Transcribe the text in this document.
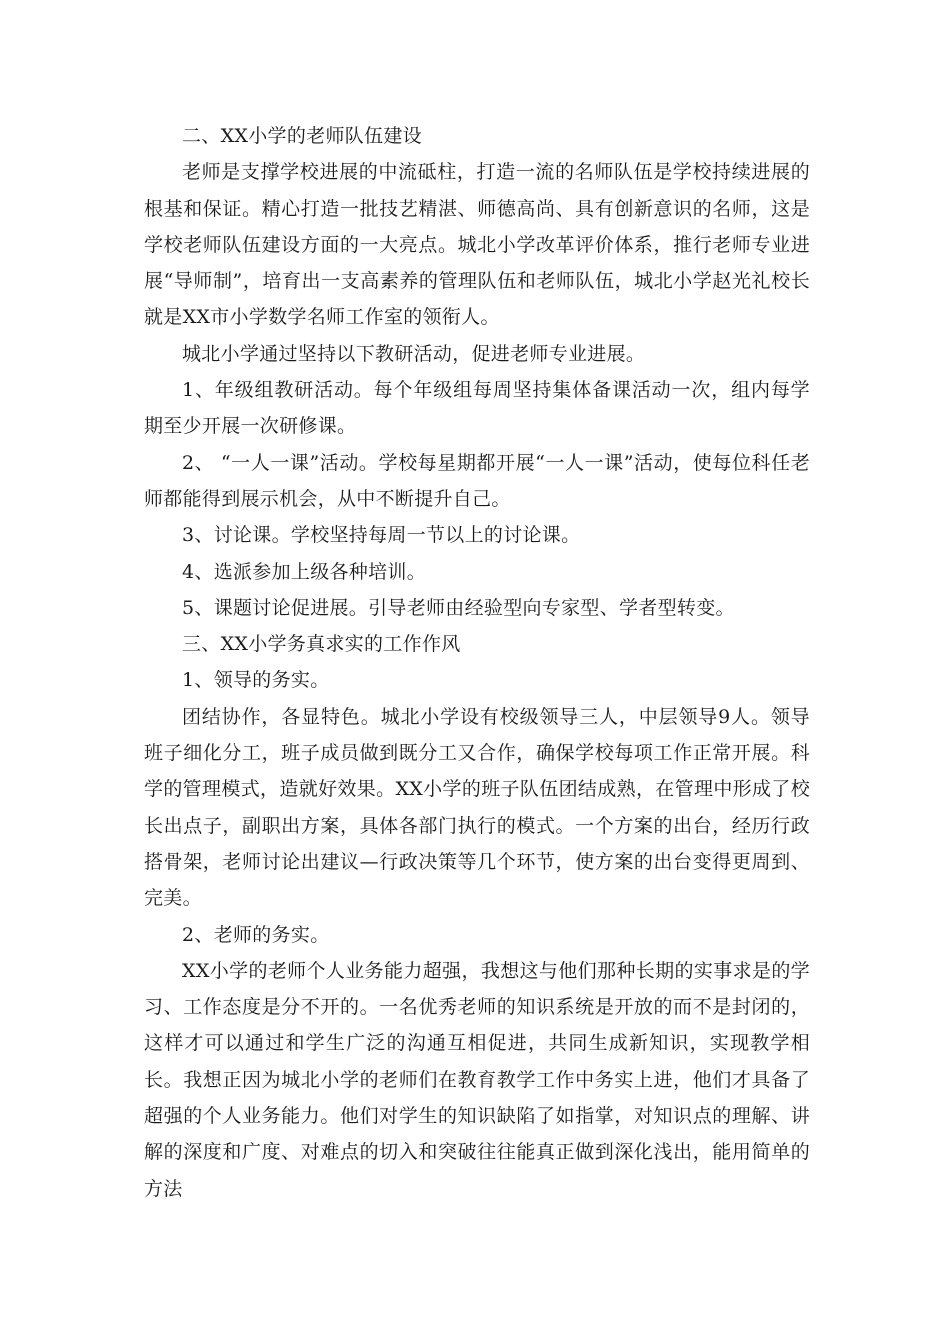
二、XX小学的老师队伍建设

老师是支撑学校进展的中流砥柱，打造一流的名师队伍是学校持续进展的根基和保证。精心打造一批技艺精湛、师德高尚、具有创新意识的名师，这是学校老师队伍建设方面的一大亮点。城北小学改革评价体系，推行老师专业进展“导师制”，培育出一支高素养的管理队伍和老师队伍，城北小学赵光礼校长就是XX市小学数学名师工作室的领衔人。

城北小学通过坚持以下教研活动，促进老师专业进展。

1、年级组教研活动。每个年级组每周坚持集体备课活动一次，组内每学期至少开展一次研修课。

2、 “一人一课”活动。学校每星期都开展“一人一课”活动，使每位科任老师都能得到展示机会，从中不断提升自己。

3、讨论课。学校坚持每周一节以上的讨论课。

4、选派参加上级各种培训。

5、课题讨论促进展。引导老师由经验型向专家型、学者型转变。

三、XX小学务真求实的工作作风

1、领导的务实。

团结协作，各显特色。城北小学设有校级领导三人，中层领导9人。领导班子细化分工，班子成员做到既分工又合作，确保学校每项工作正常开展。科学的管理模式，造就好效果。XX小学的班子队伍团结成熟，在管理中形成了校长出点子，副职出方案，具体各部门执行的模式。一个方案的出台，经历行政搭骨架，老师讨论出建议—行政决策等几个环节，使方案的出台变得更周到、完美。

2、老师的务实。

XX小学的老师个人业务能力超强，我想这与他们那种长期的实事求是的学习、工作态度是分不开的。一名优秀老师的知识系统是开放的而不是封闭的，这样才可以通过和学生广泛的沟通互相促进，共同生成新知识，实现教学相长。我想正因为城北小学的老师们在教育教学工作中务实上进，他们才具备了超强的个人业务能力。他们对学生的知识缺陷了如指掌，对知识点的理解、讲解的深度和广度、对难点的切入和突破往往能真正做到深化浅出，能用简单的方法
